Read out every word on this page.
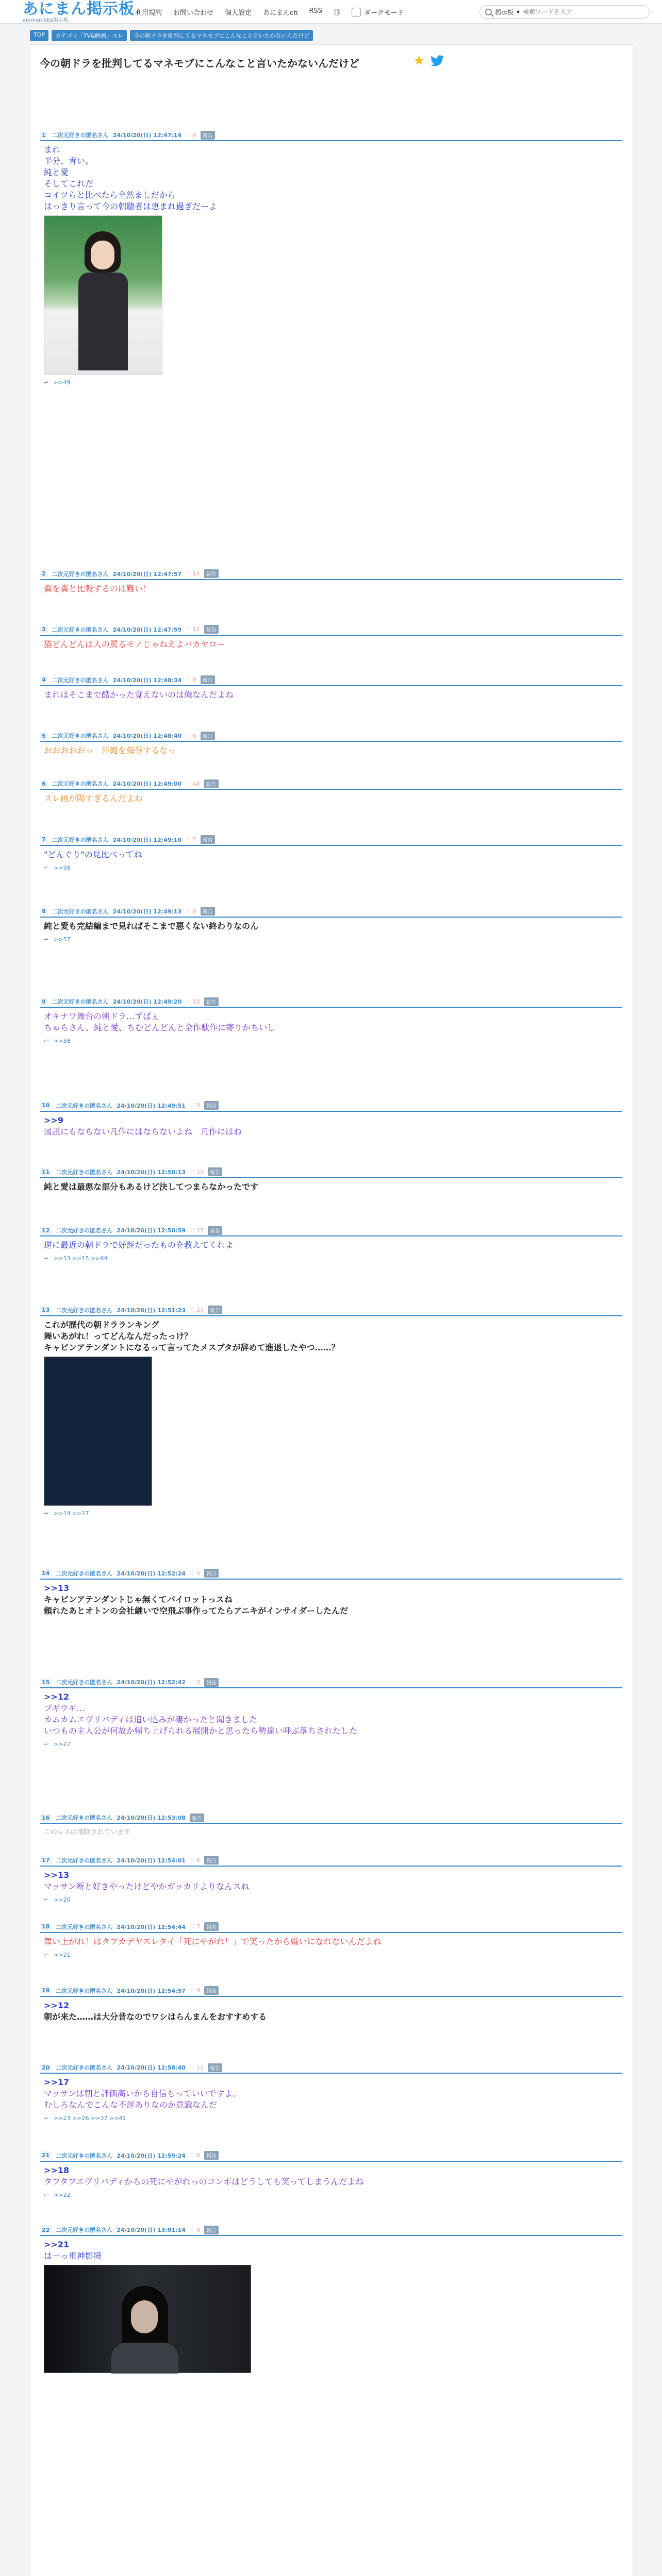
あにまん掲示板
animan bbs掲示板
利用規約 お問い合わせ 個人設定 あにまんch RSS ⑮	ダークモード	掲示板 ▾
検索ワードを入力
TOP	カテゴリ「TV&映画」スレ	今の朝ドラを批判してるマネモブにこんなこと言いたかないんだけど
今の朝ドラを批判してるマネモブにこんなこと言いたかないんだけど	★
1	二次元好きの匿名さん 24/10/20(日) 12:47:14 ♡ 6	報告
まれ
半分、青い。
純と愛
そしてこれだ
コイツらと比べたら全然ましだから
はっきり言って今の朝聴者は恵まれ過ぎだーよ
↩ >>49
2	二次元好きの匿名さん 24/10/20(日) 12:47:57 ♡ 14	報告
糞を糞と比較するのは難い！
3	二次元好きの匿名さん 24/10/20(日) 12:47:59 ♡ 12	報告
猫どんどんは人の罵るモノじゃねえよバカヤロー
4	二次元好きの匿名さん 24/10/20(日) 12:48:34 ♡ 9	報告
まれはそこまで酷かった覚えないのは俺なんだよね
5	二次元好きの匿名さん 24/10/20(日) 12:48:40 ♡ 6	報告
おおおおおっ　沖縄を侮辱するなっ
6	二次元好きの匿名さん 24/10/20(日) 12:49:00 ♡ 48	報告
スレ画が陽すぎるんだよね
7	二次元好きの匿名さん 24/10/20(日) 12:49:10 ♡ 5	報告
"どんぐり"の見比べってね
↩ >>98
8	二次元好きの匿名さん 24/10/20(日) 12:49:13 ♡ 0	報告
純と愛も完結編まで見ればそこまで悪くない終わりなのん
↩ >>57
9	二次元好きの匿名さん 24/10/20(日) 12:49:20 ♡ 18	報告
オキナワ舞台の朝ドラ…ずばぇ
ちゅらさん、純と愛、ちむどんどんと全作駄作に寄りかちいし
↩ >>58
10	二次元好きの匿名さん 24/10/20(日) 12:49:51 ♡ 0	報告
>>9
図説にもならない凡作にはならないよね　凡作にはね
11	二次元好きの匿名さん 24/10/20(日) 12:50:13 ♡ 13	報告
純と愛は最悪な部分もあるけど決してつまらなかったです
12	二次元好きの匿名さん 24/10/20(日) 12:50:59 ♡ 17	報告
逆に最近の朝ドラで好評だったものを教えてくれよ
↩ >>13 >>15 >>64
13	二次元好きの匿名さん 24/10/20(日) 12:51:23 ♡ 23	報告
これが歴代の朝ドラランキング
舞いあがれ！ってどんなんだったっけ？
キャビンアテンダントになるって言ってたメスブタが辞めて進退したやつ……？
↩ >>14 >>17
14	二次元好きの匿名さん 24/10/20(日) 12:52:24 ♡ 5	報告
>>13
キャビンアテンダントじゃ無くてパイロットっスね
頼れたあとオトンの会社継いで空飛ぶ事作ってたらアニキがインサイダーしたんだ
15	二次元好きの匿名さん 24/10/20(日) 12:52:42 ♡ 0	報告
>>12
ブギウギ…
カムカムエヴリバディは追い込みが凄かったと聞きました
いつもの主人公が何故か帰ち上げられる展開かと思ったら勢違い呼ぶ落ちされたした
↩ >>27
16	二次元好きの匿名さん 24/10/20(日) 12:53:08	報告
このレスは削除されています
17	二次元好きの匿名さん 24/10/20(日) 12:54:01 ♡ 6	報告
>>13
マッサン断と好きやったけどやかガッカリよりなんスね
↩ >>20
18	二次元好きの匿名さん 24/10/20(日) 12:54:44 ♡ 7	報告
舞い上がれ！はタフカデヤスレタイ「死にやがれ！」で笑ったから嫌いになれないんだよね
↩ >>21
19	二次元好きの匿名さん 24/10/20(日) 12:54:57 ♡ 9	報告
>>12
朝が来た……は大分昔なのでワシはらんまんをおすすめする
20	二次元好きの匿名さん 24/10/20(日) 12:58:40 ♡ 11	報告
>>17
マッサンは朝と評価高いから自信もっていいですよ。
むしろなんでこんな不評ありなのか意識なんだ
↩ >>23 >>26 >>37 >>41
21	二次元好きの匿名さん 24/10/20(日) 12:59:24 ♡ 6	報告
>>18
タフタフエヴリバディからの死にやがれっのコンボはどうしても笑ってしまうんだよね
↩ >>22
22	二次元好きの匿名さん 24/10/20(日) 13:01:14 ♡ 8	報告
>>21
は一っ重神影境
